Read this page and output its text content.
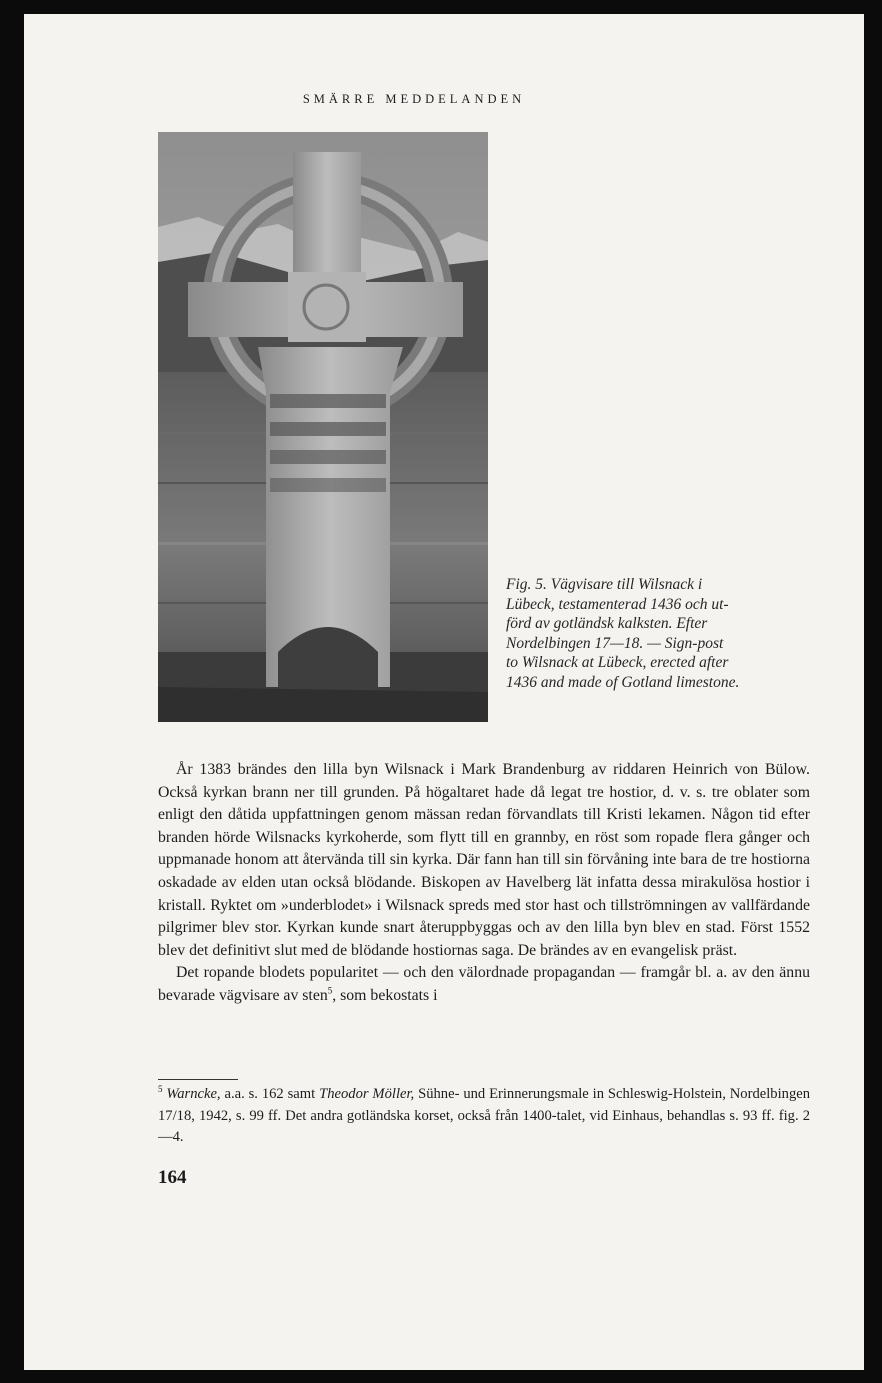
SMÄRRE MEDDELANDEN
Fig. 5. Vägvisare till Wilsnack i
Lübeck, testamenterad 1436 och ut-
förd av gotländsk kalksten. Efter
Nordelbingen 17—18. — Sign-post
to Wilsnack at Lübeck, erected after
1436 and made of Gotland limestone.

År 1383 brändes den lilla byn Wilsnack i Mark Brandenburg av riddaren Heinrich von Bülow. Också kyrkan brann ner till grunden. På högaltaret hade då legat tre hostior, d. v. s. tre oblater som enligt den dåtida uppfattningen genom mässan redan förvandlats till Kristi lekamen. Någon tid efter branden hörde Wilsnacks kyrkoherde, som flytt till en grannby, en röst som ropade flera gånger och uppmanade honom att återvända till sin kyrka. Där fann han till sin förvåning inte bara de tre hostiorna oskadade av elden utan också blödande. Biskopen av Havelberg lät infatta dessa mirakulösa hostior i kristall. Ryktet om »underblodet» i Wilsnack spreds med stor hast och tillströmningen av vallfärdande pilgrimer blev stor. Kyrkan kunde snart återuppbyggas och av den lilla byn blev en stad. Först 1552 blev det definitivt slut med de blödande hostiornas saga. De brändes av en evangelisk präst.

Det ropande blodets popularitet — och den välordnade propagandan — framgår bl. a. av den ännu bevarade vägvisare av sten$^5$, som bekostats i

$^5$ Warncke, a.a. s. 162 samt Theodor Möller, Sühne- und Erinnerungsmale in Schleswig-Holstein, Nordelbingen 17/18, 1942, s. 99 ff. Det andra gotländska korset, också från 1400-talet, vid Einhaus, behandlas s. 93 ff. fig. 2—4.
164
